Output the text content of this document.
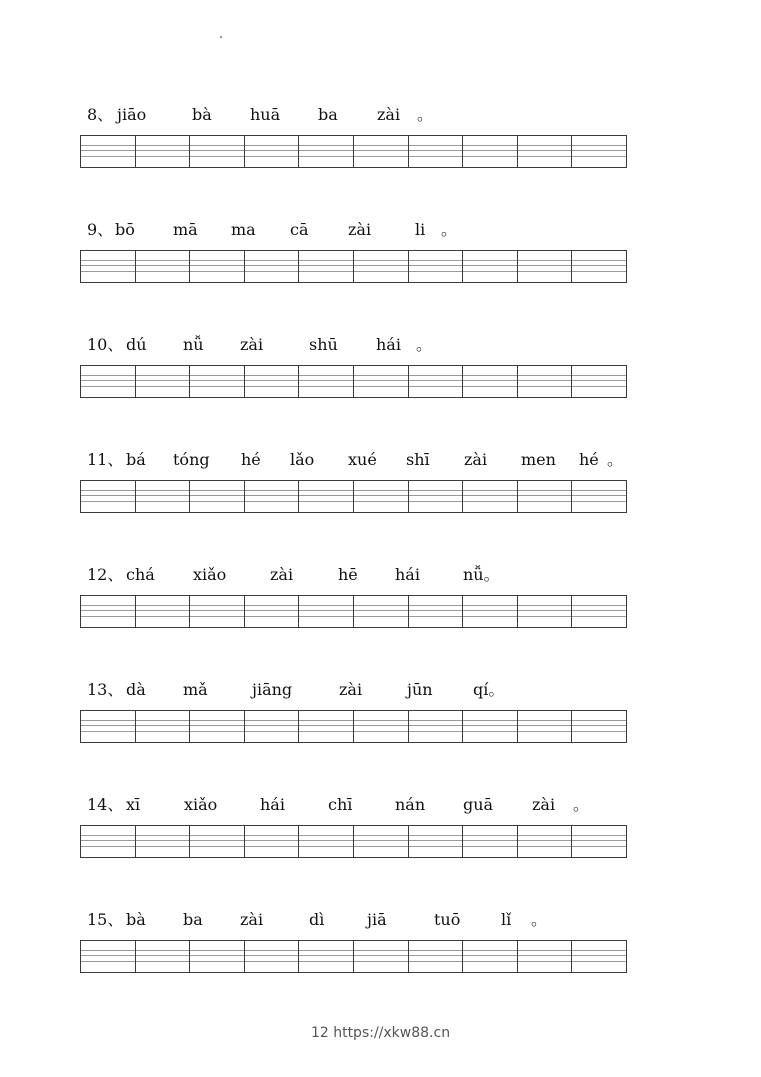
8、 jiāo	bà huā ba zài 。
9、 bō mā ma cā zài	li 。
10、 dú nǚ zài	shū hái 。
11、 bá tóng hé lǎo xué shī zài men hé 。
12、 chá xiǎo	zài	hē hái	nǚ。
13、 dà mǎ	jiāng	zài	jūn	qí。
14、 xī	xiǎo	hái	chī	nán guā zài 。
15、 bà ba zài	dì	jiā	tuō	lǐ 。
12 https://xkw88.cn
